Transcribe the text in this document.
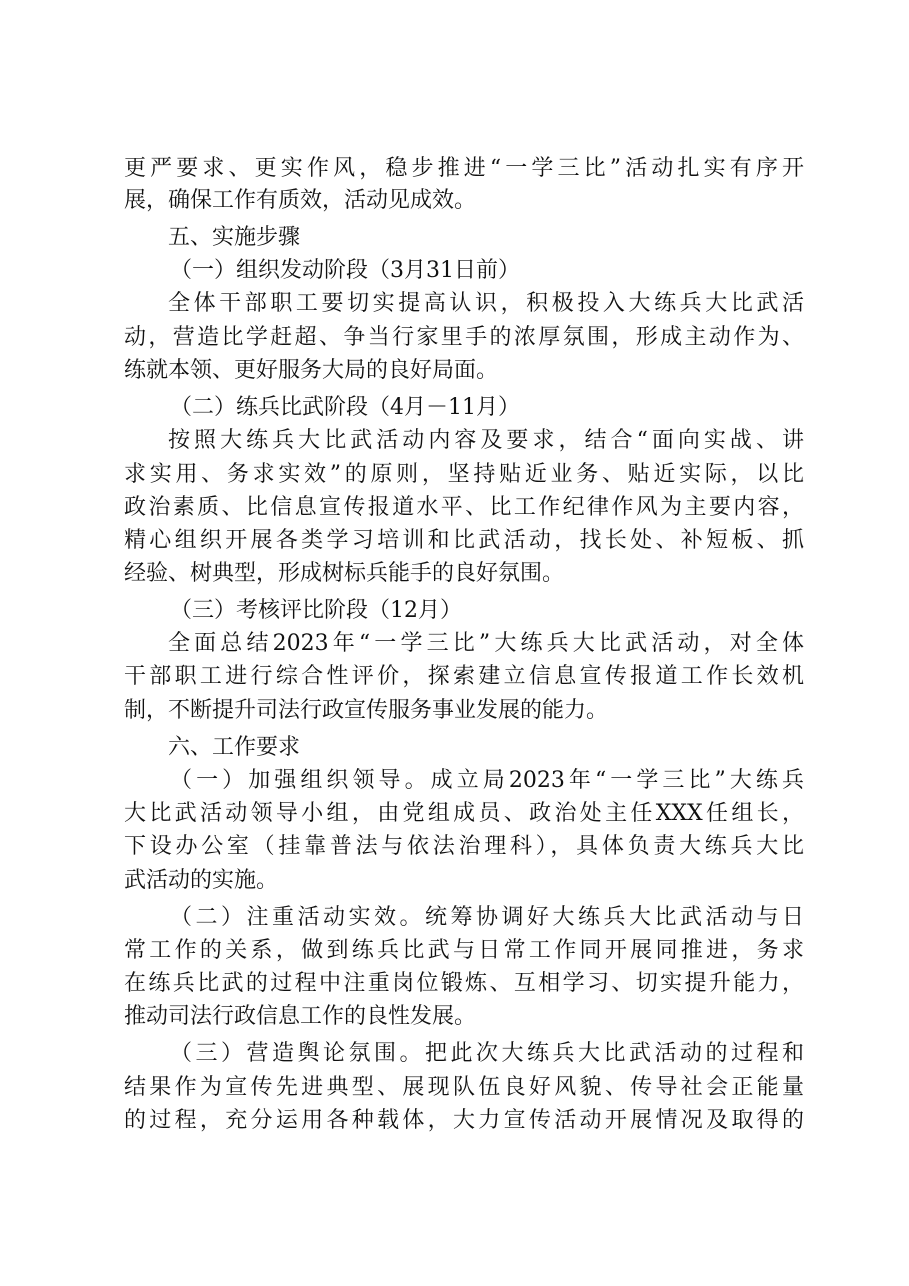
更严要求、更实作风，稳步推进“一学三比”活动扎实有序开
展，确保工作有质效，活动见成效。
五、实施步骤
（一）组织发动阶段（3月31日前）
全体干部职工要切实提高认识，积极投入大练兵大比武活
动，营造比学赶超、争当行家里手的浓厚氛围，形成主动作为、
练就本领、更好服务大局的良好局面。
（二）练兵比武阶段（4月－11月）
按照大练兵大比武活动内容及要求，结合“面向实战、讲
求实用、务求实效”的原则，坚持贴近业务、贴近实际，以比
政治素质、比信息宣传报道水平、比工作纪律作风为主要内容，
精心组织开展各类学习培训和比武活动，找长处、补短板、抓
经验、树典型，形成树标兵能手的良好氛围。
（三）考核评比阶段（12月）
全面总结2023年“一学三比”大练兵大比武活动，对全体
干部职工进行综合性评价，探索建立信息宣传报道工作长效机
制，不断提升司法行政宣传服务事业发展的能力。
六、工作要求
（一）加强组织领导。成立局2023年“一学三比”大练兵
大比武活动领导小组，由党组成员、政治处主任XXX任组长，
下设办公室（挂靠普法与依法治理科），具体负责大练兵大比
武活动的实施。
（二）注重活动实效。统筹协调好大练兵大比武活动与日
常工作的关系，做到练兵比武与日常工作同开展同推进，务求
在练兵比武的过程中注重岗位锻炼、互相学习、切实提升能力，
推动司法行政信息工作的良性发展。
（三）营造舆论氛围。把此次大练兵大比武活动的过程和
结果作为宣传先进典型、展现队伍良好风貌、传导社会正能量
的过程，充分运用各种载体，大力宣传活动开展情况及取得的
